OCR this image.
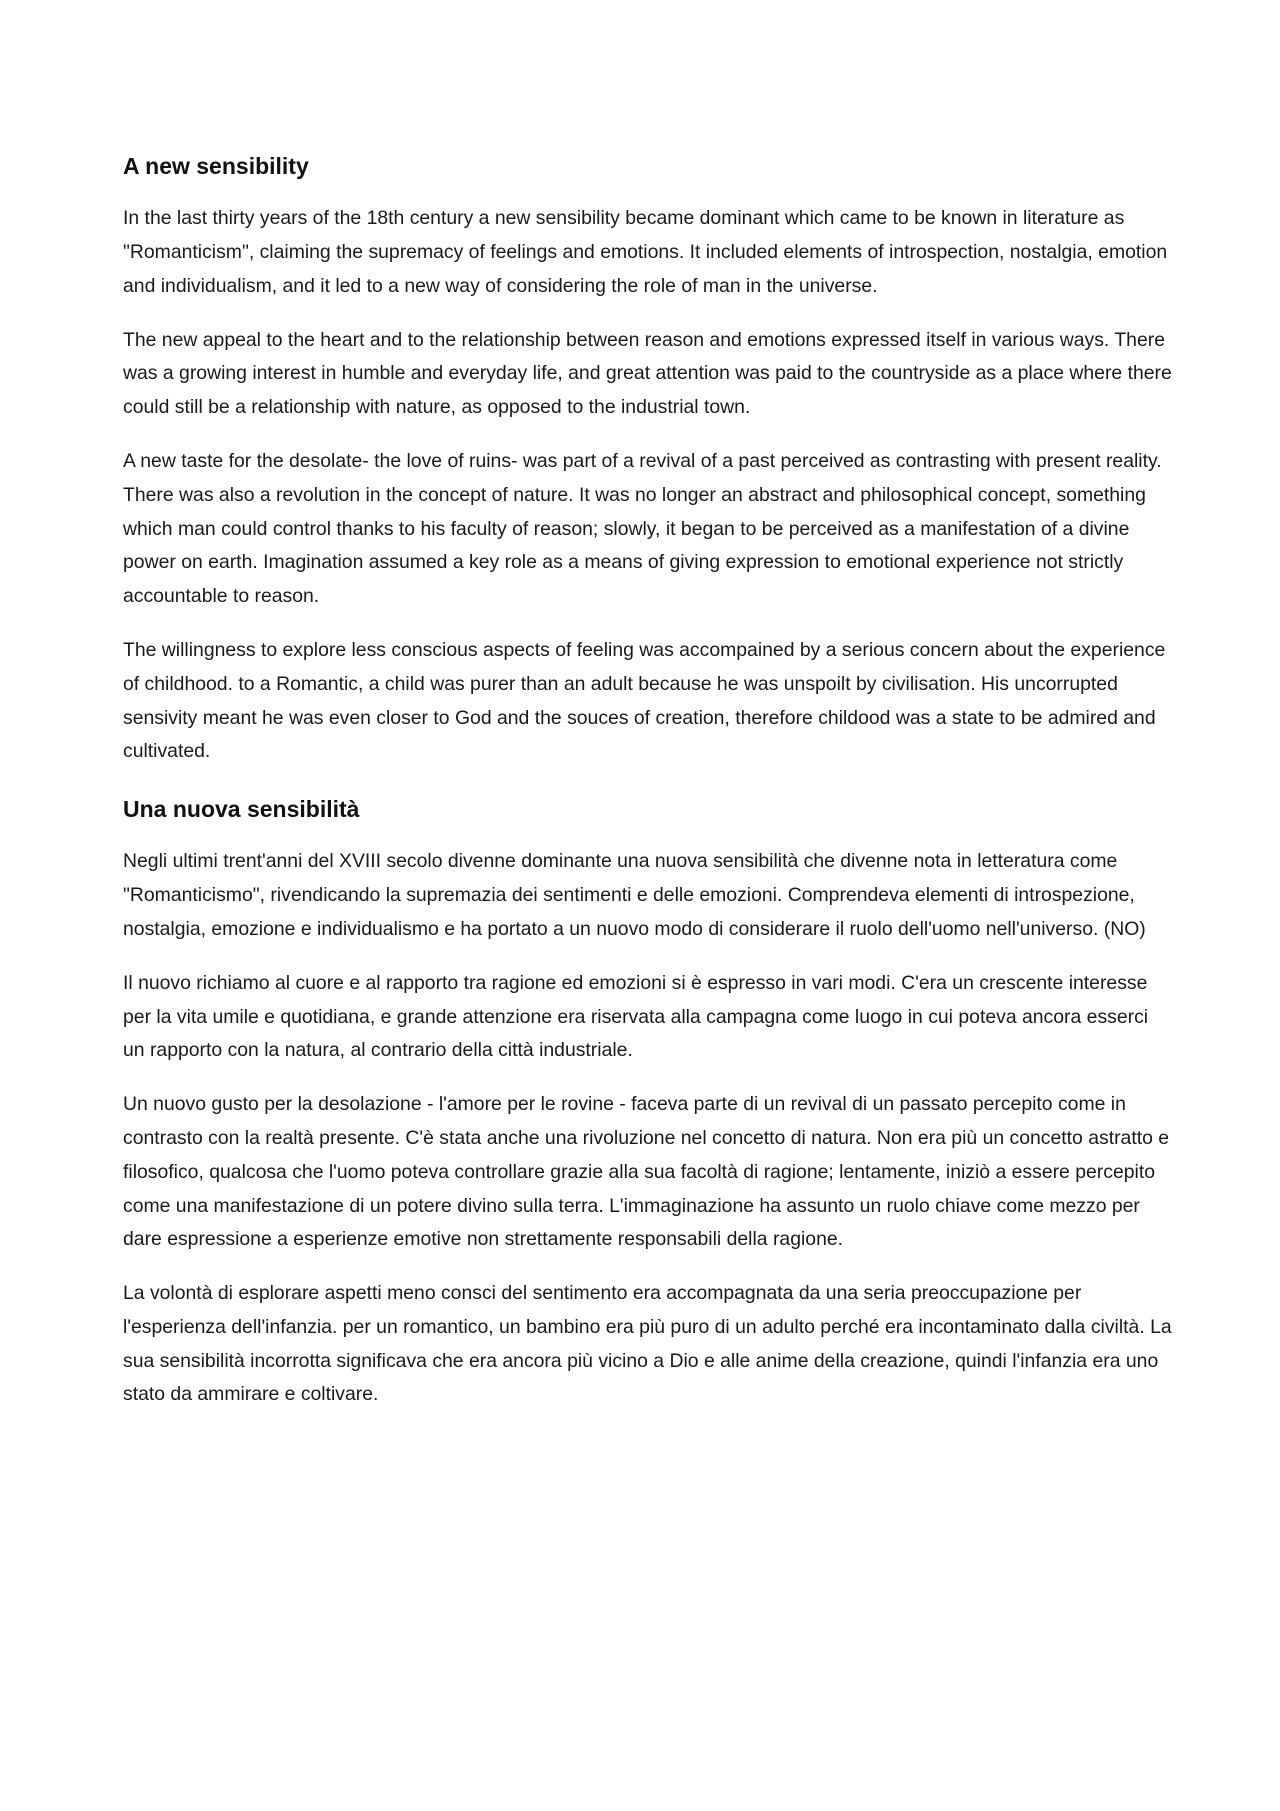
A new sensibility

In the last thirty years of the 18th century a new sensibility became dominant which came to be known in literature as "Romanticism", claiming the supremacy of feelings and emotions. It included elements of introspection, nostalgia, emotion and individualism, and it led to a new way of considering the role of man in the universe.

The new appeal to the heart and to the relationship between reason and emotions expressed itself in various ways. There was a growing interest in humble and everyday life, and great attention was paid to the countryside as a place where there could still be a relationship with nature, as opposed to the industrial town.

A new taste for the desolate- the love of ruins- was part of a revival of a past perceived as contrasting with present reality. There was also a revolution in the concept of nature. It was no longer an abstract and philosophical concept, something which man could control thanks to his faculty of reason; slowly, it began to be perceived as a manifestation of a divine power on earth. Imagination assumed a key role as a means of giving expression to emotional experience not strictly accountable to reason.

The willingness to explore less conscious aspects of feeling was accompained by a serious concern about the experience of childhood. to a Romantic, a child was purer than an adult because he was unspoilt by civilisation. His uncorrupted sensivity meant he was even closer to God and the souces of creation, therefore childood was a state to be admired and cultivated.

Una nuova sensibilità

Negli ultimi trent'anni del XVIII secolo divenne dominante una nuova sensibilità che divenne nota in letteratura come "Romanticismo", rivendicando la supremazia dei sentimenti e delle emozioni. Comprendeva elementi di introspezione, nostalgia, emozione e individualismo e ha portato a un nuovo modo di considerare il ruolo dell'uomo nell'universo. (NO)

Il nuovo richiamo al cuore e al rapporto tra ragione ed emozioni si è espresso in vari modi. C'era un crescente interesse per la vita umile e quotidiana, e grande attenzione era riservata alla campagna come luogo in cui poteva ancora esserci un rapporto con la natura, al contrario della città industriale.

Un nuovo gusto per la desolazione - l'amore per le rovine - faceva parte di un revival di un passato percepito come in contrasto con la realtà presente. C'è stata anche una rivoluzione nel concetto di natura. Non era più un concetto astratto e filosofico, qualcosa che l'uomo poteva controllare grazie alla sua facoltà di ragione; lentamente, iniziò a essere percepito come una manifestazione di un potere divino sulla terra. L'immaginazione ha assunto un ruolo chiave come mezzo per dare espressione a esperienze emotive non strettamente responsabili della ragione.

La volontà di esplorare aspetti meno consci del sentimento era accompagnata da una seria preoccupazione per l'esperienza dell'infanzia. per un romantico, un bambino era più puro di un adulto perché era incontaminato dalla civiltà. La sua sensibilità incorrotta significava che era ancora più vicino a Dio e alle anime della creazione, quindi l'infanzia era uno stato da ammirare e coltivare.
